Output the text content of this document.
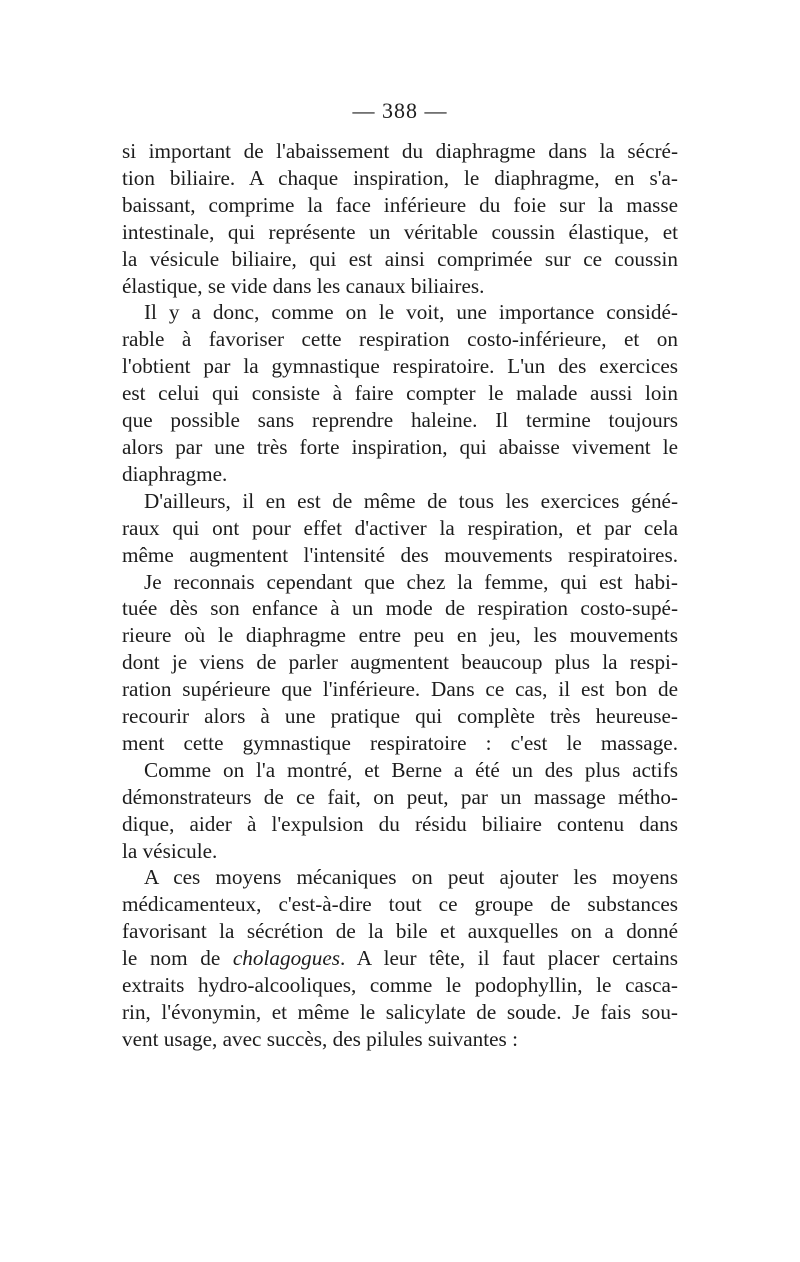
— 388 —
si important de l'abaissement du diaphragme dans la sécré-
tion biliaire. A chaque inspiration, le diaphragme, en s'a-
baissant, comprime la face inférieure du foie sur la masse
intestinale, qui représente un véritable coussin élastique, et
la vésicule biliaire, qui est ainsi comprimée sur ce coussin
élastique, se vide dans les canaux biliaires.
Il y a donc, comme on le voit, une importance considé-
rable à favoriser cette respiration costo-inférieure, et on
l'obtient par la gymnastique respiratoire. L'un des exercices
est celui qui consiste à faire compter le malade aussi loin
que possible sans reprendre haleine. Il termine toujours
alors par une très forte inspiration, qui abaisse vivement le
diaphragme.
D'ailleurs, il en est de même de tous les exercices géné-
raux qui ont pour effet d'activer la respiration, et par cela
même augmentent l'intensité des mouvements respiratoires.
Je reconnais cependant que chez la femme, qui est habi-
tuée dès son enfance à un mode de respiration costo-supé-
rieure où le diaphragme entre peu en jeu, les mouvements
dont je viens de parler augmentent beaucoup plus la respi-
ration supérieure que l'inférieure. Dans ce cas, il est bon de
recourir alors à une pratique qui complète très heureuse-
ment cette gymnastique respiratoire : c'est le massage.
Comme on l'a montré, et Berne a été un des plus actifs
démonstrateurs de ce fait, on peut, par un massage métho-
dique, aider à l'expulsion du résidu biliaire contenu dans
la vésicule.
A ces moyens mécaniques on peut ajouter les moyens
médicamenteux, c'est-à-dire tout ce groupe de substances
favorisant la sécrétion de la bile et auxquelles on a donné
le nom de cholagogues. A leur tête, il faut placer certains
extraits hydro-alcooliques, comme le podophyllin, le casca-
rin, l'évonymin, et même le salicylate de soude. Je fais sou-
vent usage, avec succès, des pilules suivantes :
